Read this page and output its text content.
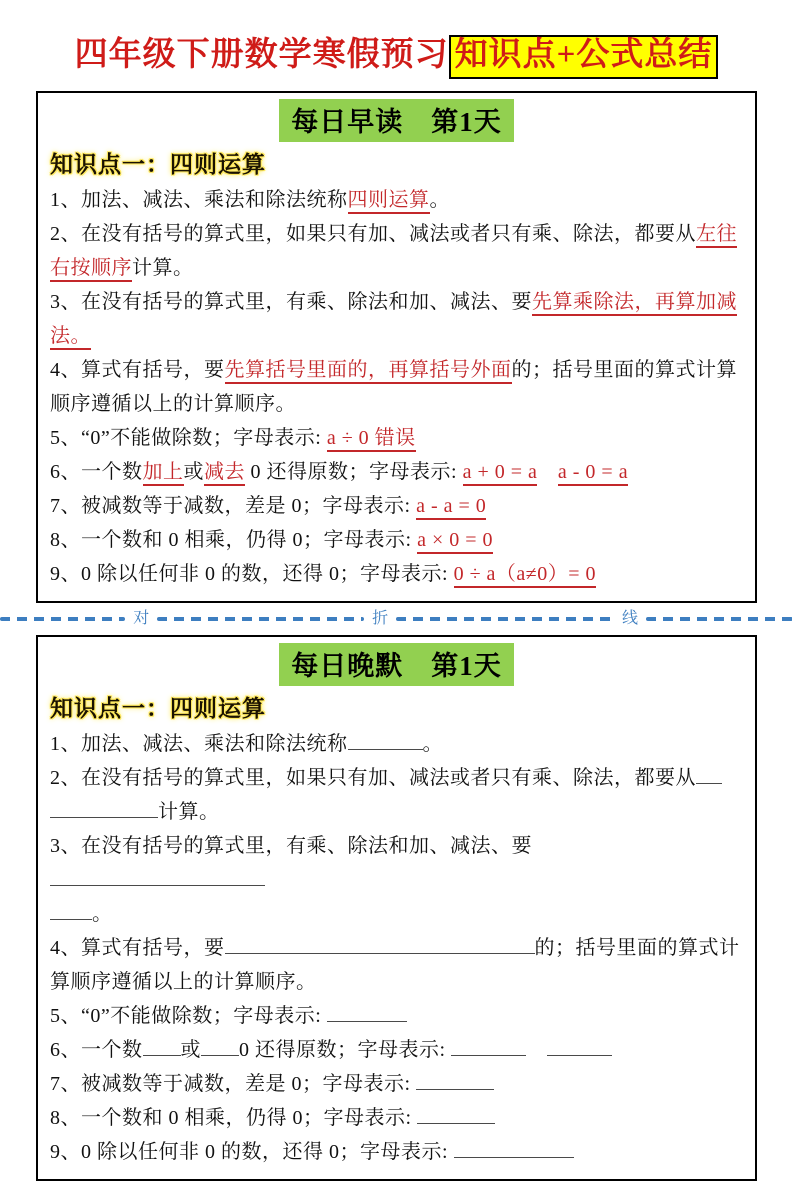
四年级下册数学寒假预习 知识点+公式总结
每日早读　第1天
知识点一：四则运算

1、加法、减法、乘法和除法统称四则运算。

2、在没有括号的算式里，如果只有加、减法或者只有乘、除法，都要从左往右按顺序计算。

3、在没有括号的算式里，有乘、除法和加、减法、要先算乘除法，再算加减法。

4、算式有括号，要先算括号里面的，再算括号外面的；括号里面的算式计算顺序遵循以上的计算顺序。

5、“0”不能做除数；字母表示: a ÷ 0 错误

6、一个数加上或减去 0 还得原数；字母表示: a + 0 = a　 a - 0 = a

7、被减数等于减数，差是 0；字母表示: a - a = 0

8、一个数和 0 相乘，仍得 0；字母表示: a × 0 = 0

9、0 除以任何非 0 的数，还得 0；字母表示: 0 ÷ a（a≠0）= 0

对	折	线
每日晚默　第1天
知识点一：四则运算

1、加法、减法、乘法和除法统称	。

2、在没有括号的算式里，如果只有加、减法或者只有乘、除法，都要从
计算。

3、在没有括号的算式里，有乘、除法和加、减法、要
。

4、算式有括号，要	的；括号里面的算式计算顺序遵循以上的计算顺序。

5、“0”不能做除数；字母表示:

6、一个数 或 0 还得原数；字母表示: 　

7、被减数等于减数，差是 0；字母表示:

8、一个数和 0 相乘，仍得 0；字母表示:

9、0 除以任何非 0 的数，还得 0；字母表示:
